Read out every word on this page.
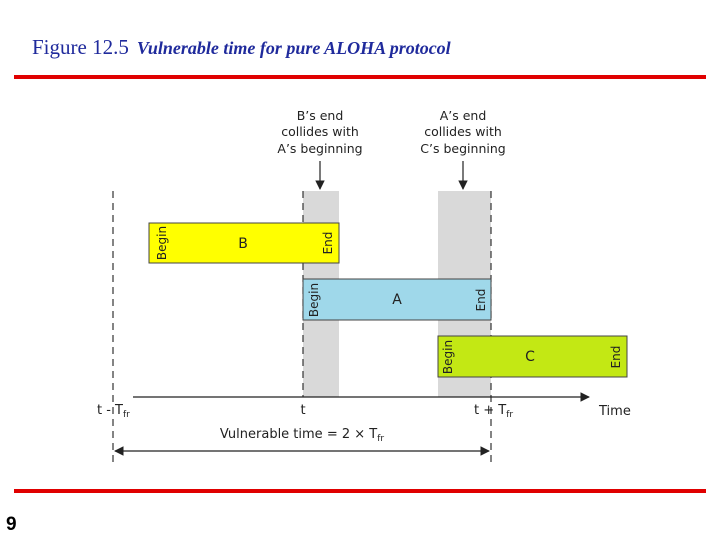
Figure 12.5 Vulnerable time for pure ALOHA protocol
B’s end
collides with
A’s beginning
A’s end
collides with
C’s beginning
Begin	B	End
Begin	A	End
Begin	C	End
t - $T_{fr}$	t	$t + T_{fr}$	Time
Vulnerable time = $2 \times T_{fr}$
9
